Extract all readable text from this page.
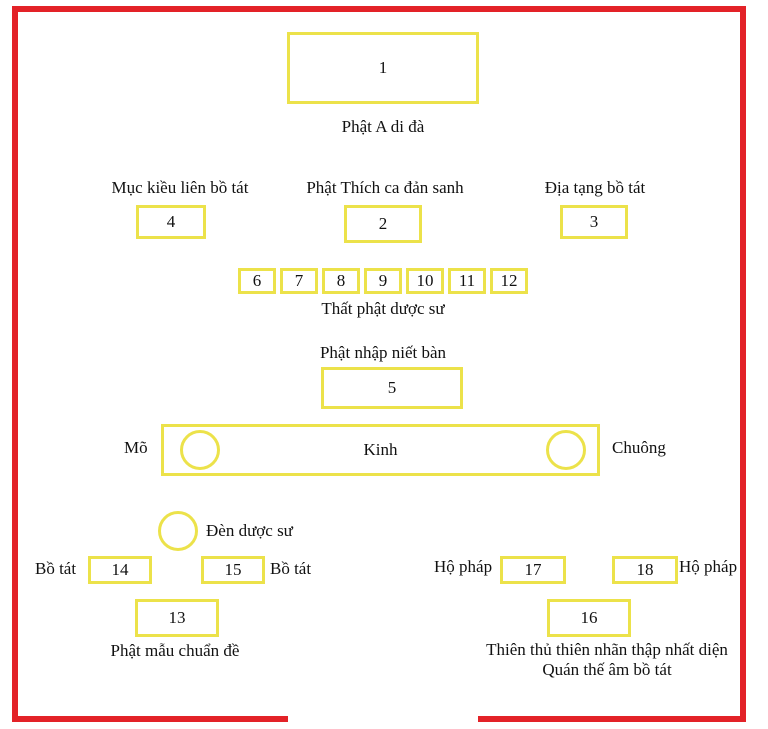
1
Phật A di đà
Mục kiều liên bồ tát
4
Phật Thích ca đản sanh
2
Địa tạng bồ tát
3
6 7 8 9 10 11 12
Thất phật dược sư
Phật nhập niết bàn
5
Mõ	Kinh	Chuông
Đèn dược sư
Bồ tát 14	15 Bồ tát
13
Phật mẫu chuẩn đề
Hộ pháp 17	18 Hộ pháp
16
Thiên thủ thiên nhãn thập nhất diện
Quán thế âm bồ tát
